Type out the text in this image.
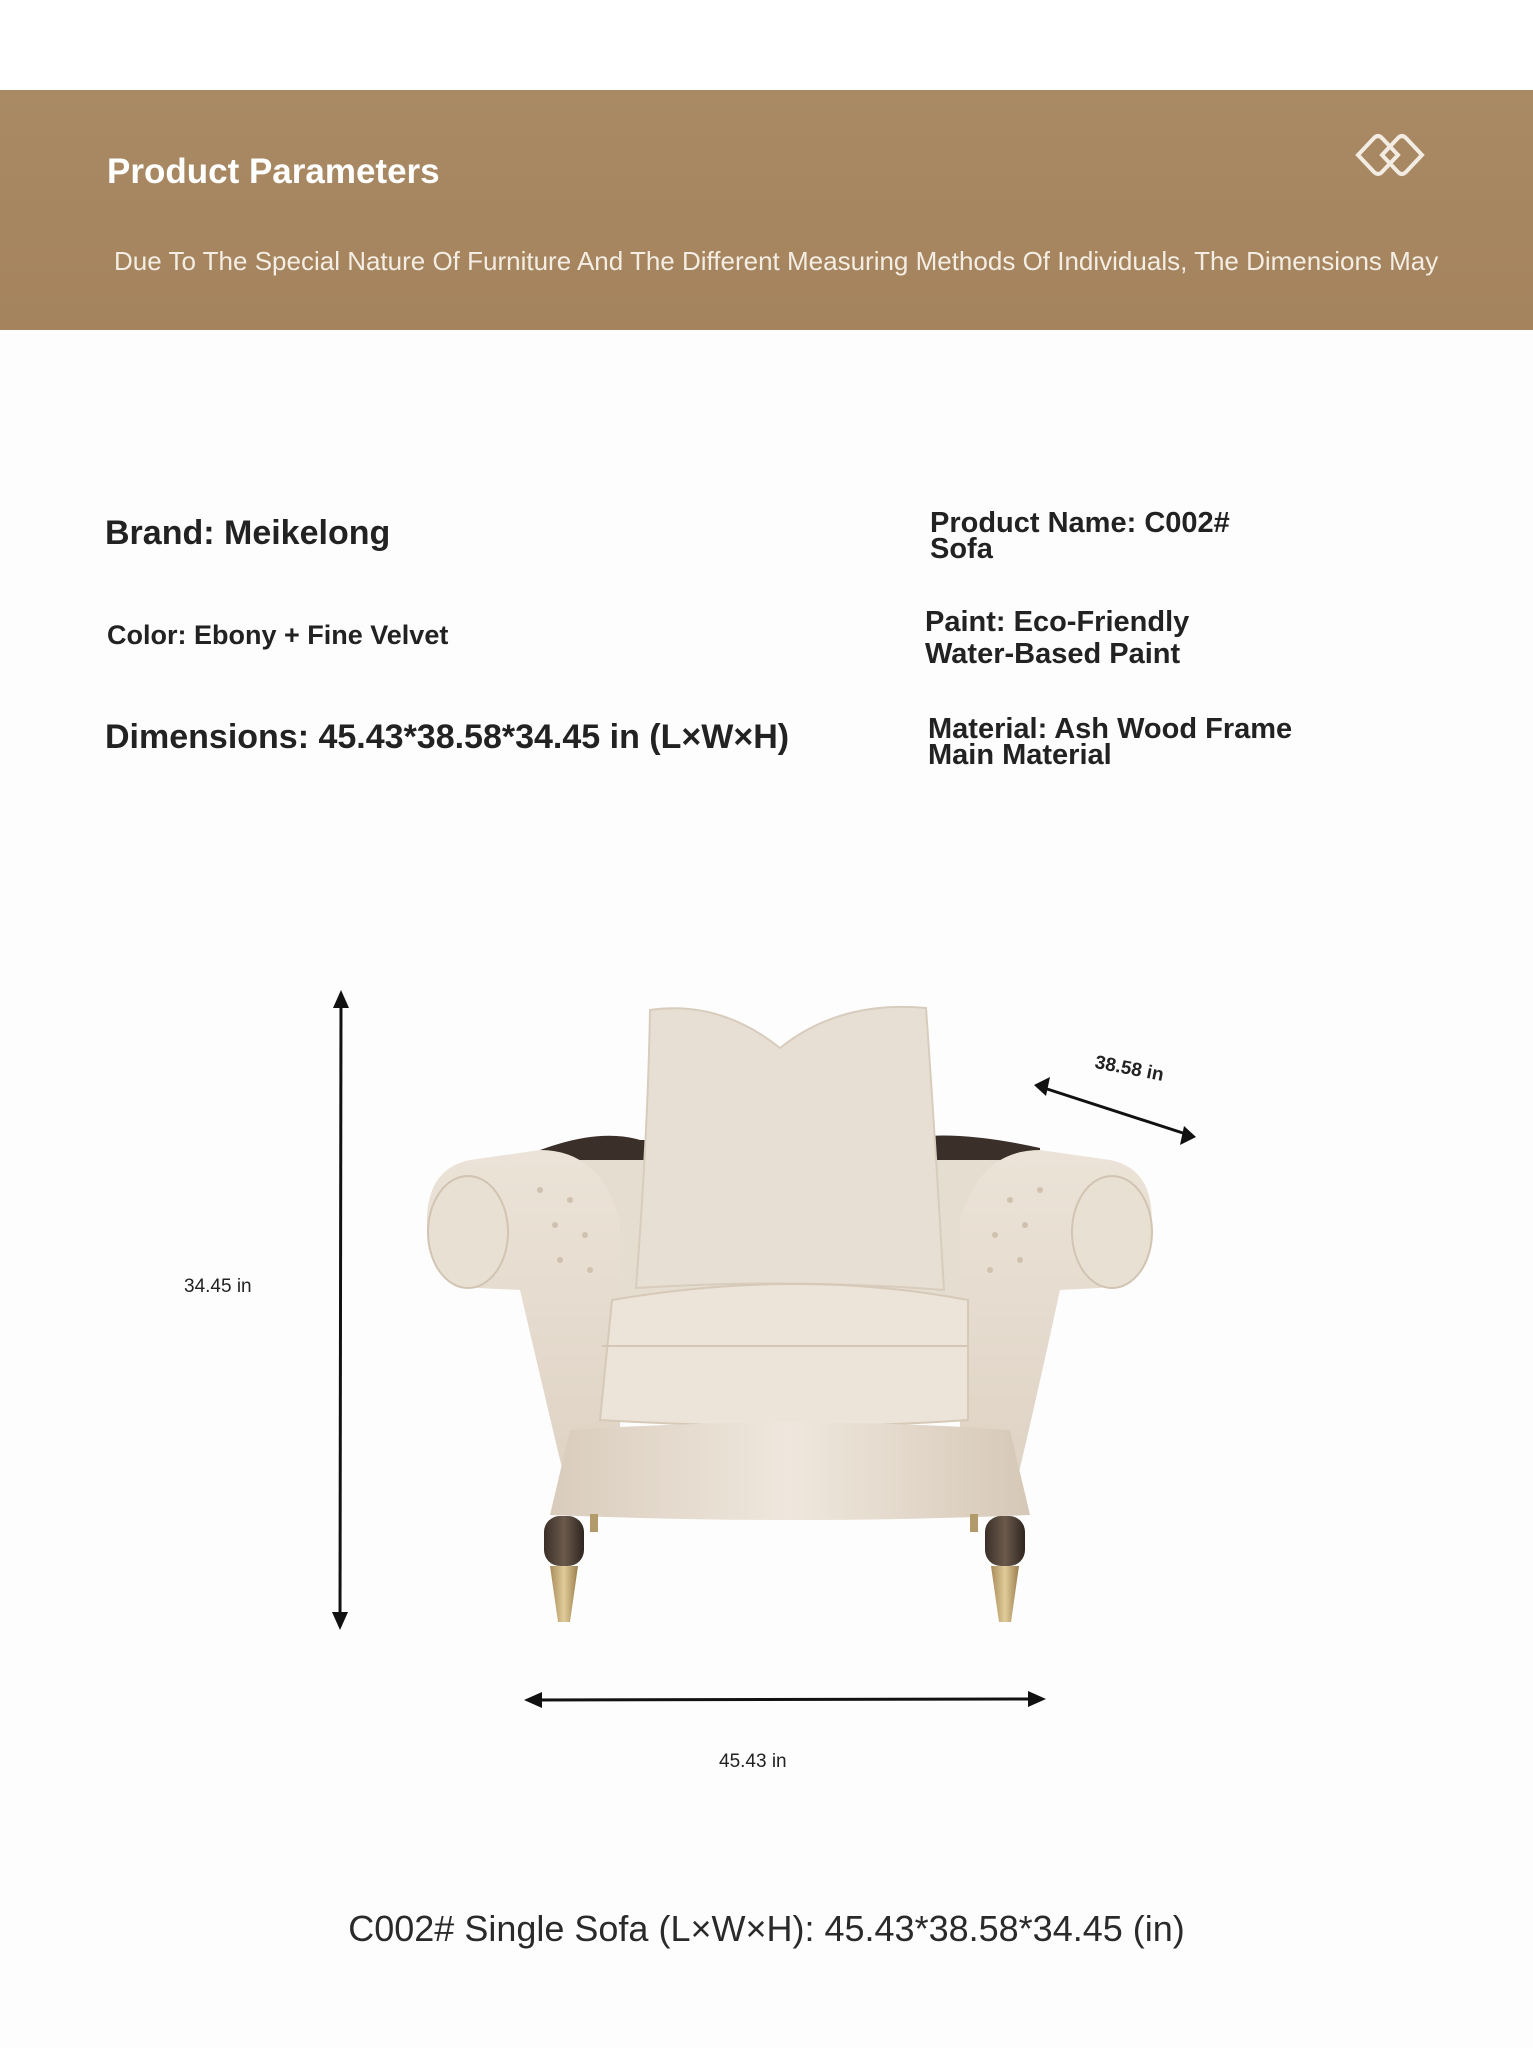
Product Parameters
Due To The Special Nature Of Furniture And The Different Measuring Methods Of Individuals, The Dimensions May
Brand: Meikelong	Product Name: C002# Sofa
Color: Ebony + Fine Velvet	Paint: Eco-Friendly Water-Based Paint
Dimensions: 45.43*38.58*34.45 in (L×W×H)	Material: Ash Wood Frame Main Material
34.45 in
45.43 in
38.58 in
C002# Single Sofa (L×W×H): 45.43*38.58*34.45 (in)
